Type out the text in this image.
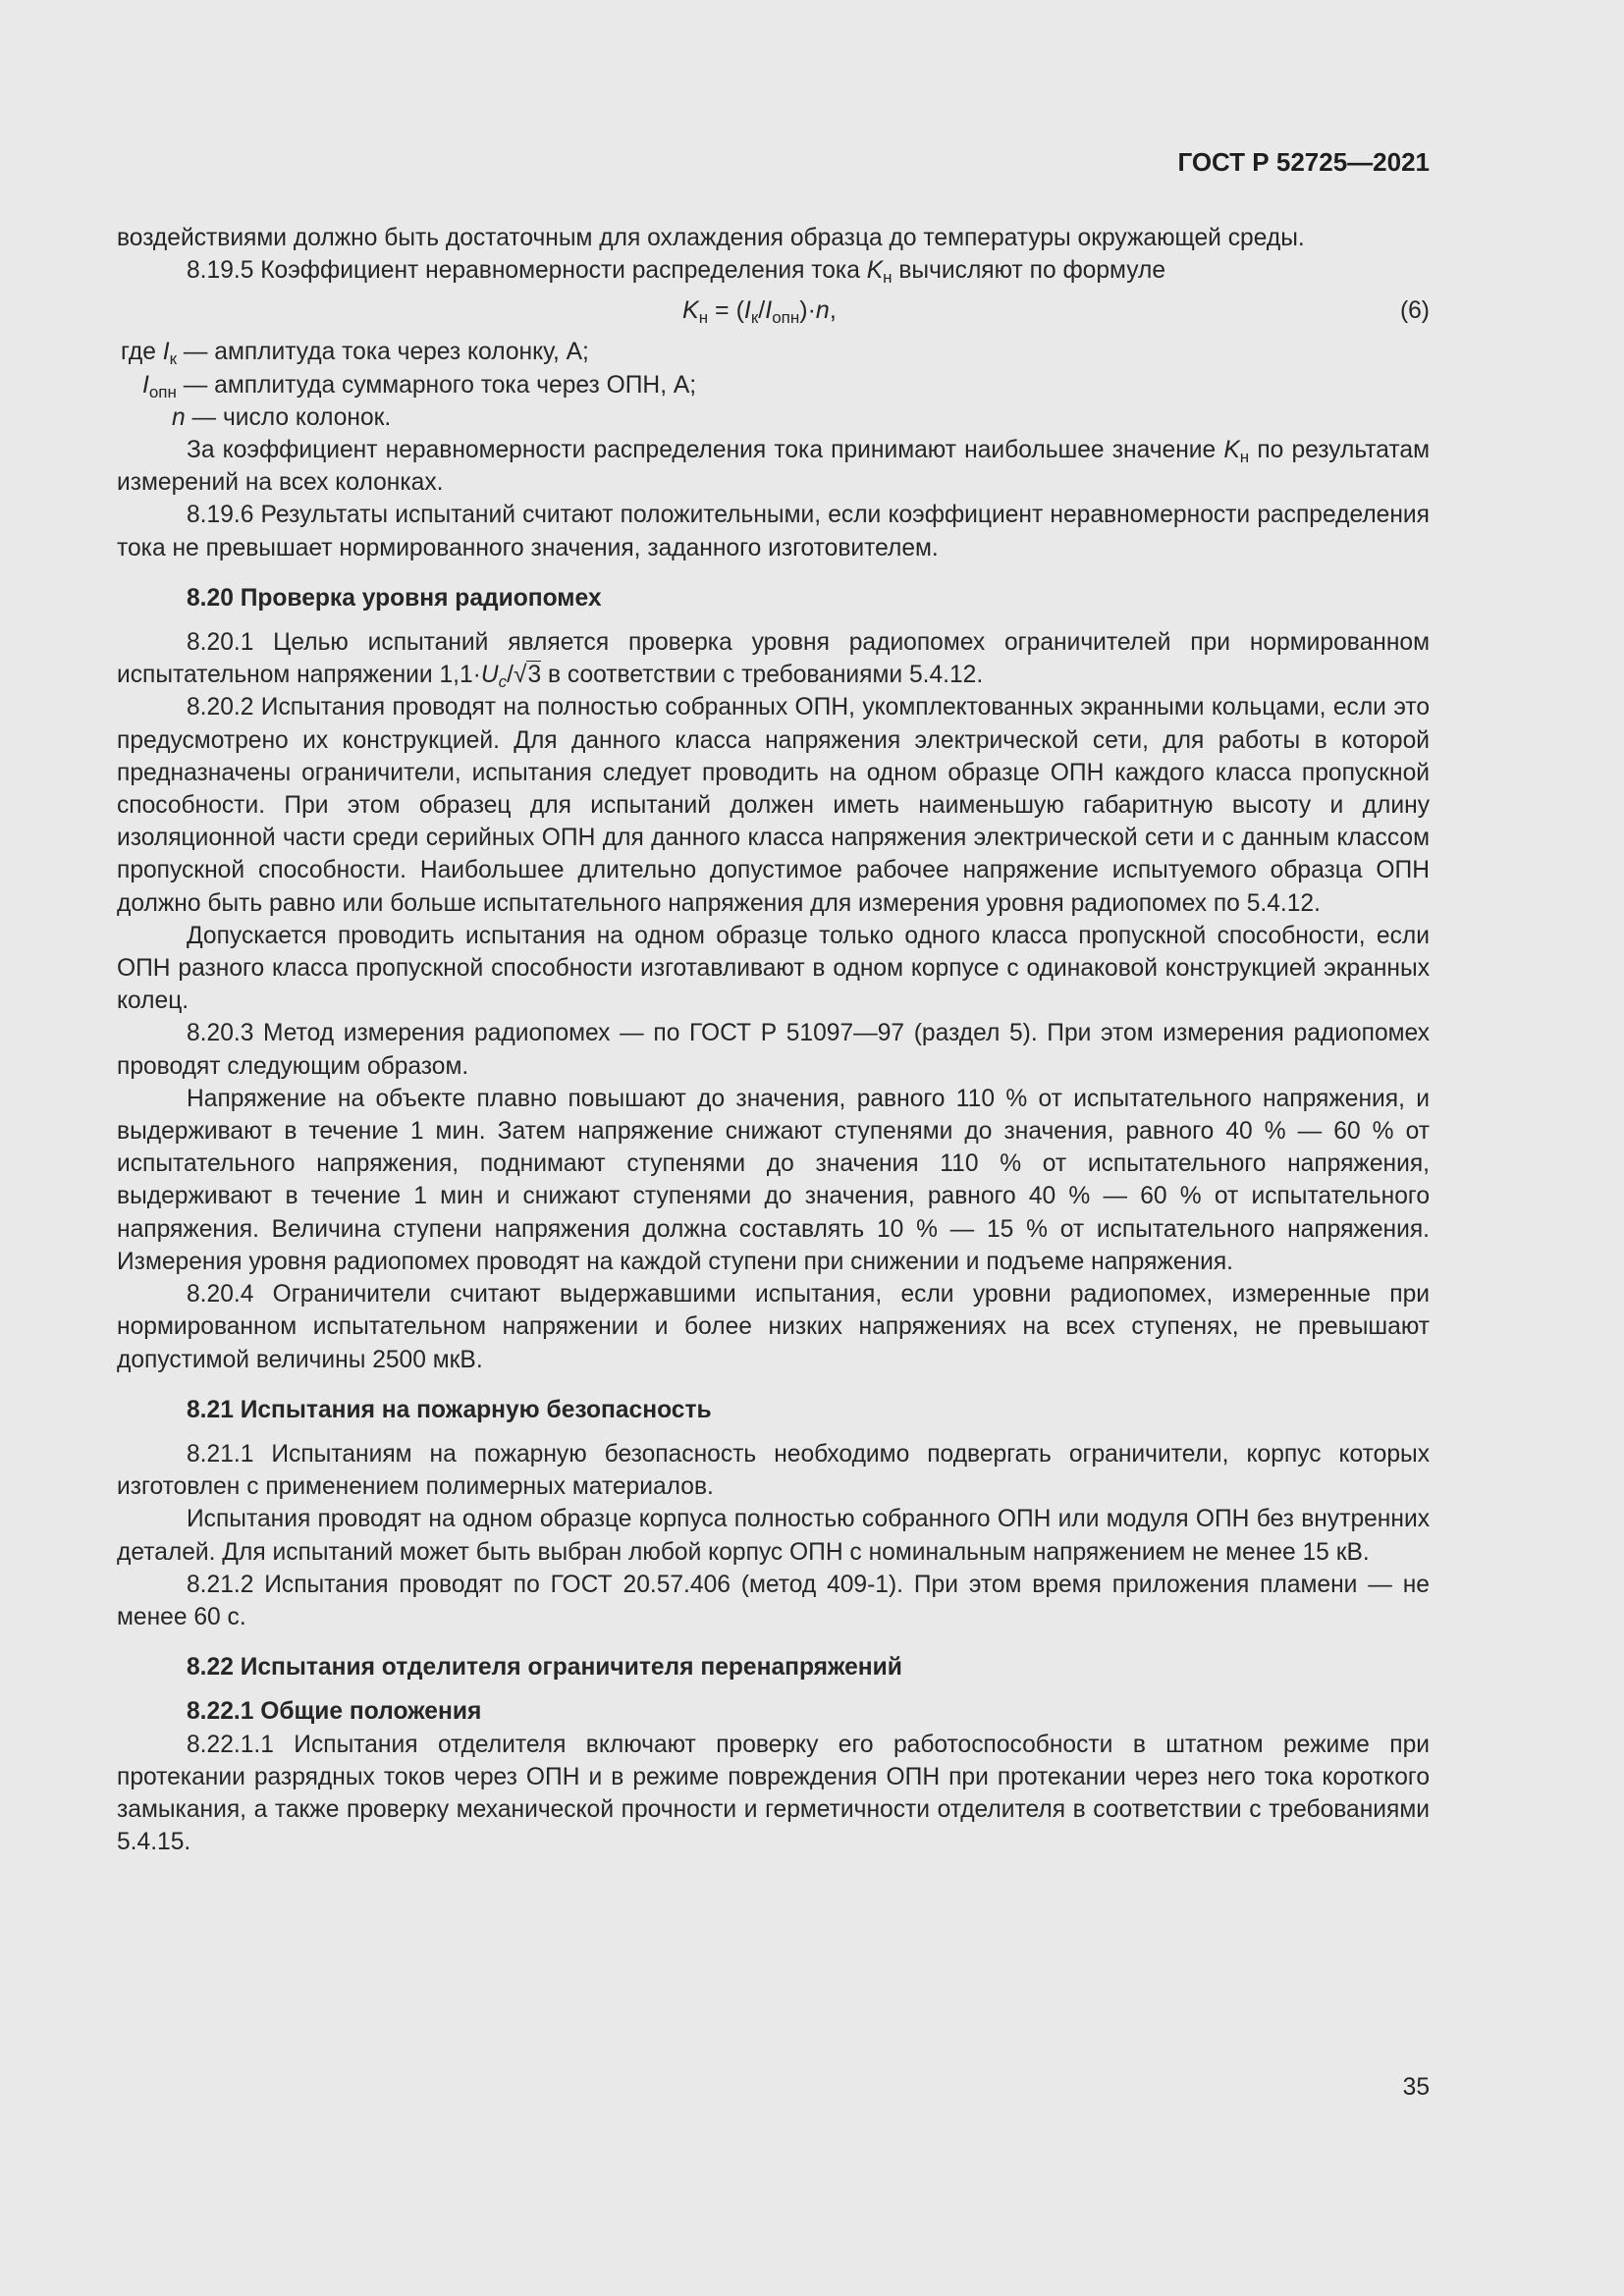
ГОСТ Р 52725—2021

воздействиями должно быть достаточным для охлаждения образца до температуры окружающей среды.

8.19.5 Коэффициент неравномерности распределения тока $K_н$ вычисляют по формуле

$K_н = (I_к/I_{опн})\cdot n$,	(6)
где $I_к$ — амплитуда тока через колонку, А;
$I_{опн}$ — амплитуда суммарного тока через ОПН, А;
n — число колонок.

За коэффициент неравномерности распределения тока принимают наибольшее значение $K_н$ по результатам измерений на всех колонках.

8.19.6 Результаты испытаний считают положительными, если коэффициент неравномерности распределения тока не превышает нормированного значения, заданного изготовителем.

8.20 Проверка уровня радиопомех

8.20.1 Целью испытаний является проверка уровня радиопомех ограничителей при нормированном испытательном напряжении $1,1\cdot U_c/√3$ в соответствии с требованиями 5.4.12.

8.20.2 Испытания проводят на полностью собранных ОПН, укомплектованных экранными кольцами, если это предусмотрено их конструкцией. Для данного класса напряжения электрической сети, для работы в которой предназначены ограничители, испытания следует проводить на одном образце ОПН каждого класса пропускной способности. При этом образец для испытаний должен иметь наименьшую габаритную высоту и длину изоляционной части среди серийных ОПН для данного класса напряжения электрической сети и с данным классом пропускной способности. Наибольшее длительно допустимое рабочее напряжение испытуемого образца ОПН должно быть равно или больше испытательного напряжения для измерения уровня радиопомех по 5.4.12.

Допускается проводить испытания на одном образце только одного класса пропускной способности, если ОПН разного класса пропускной способности изготавливают в одном корпусе с одинаковой конструкцией экранных колец.

8.20.3 Метод измерения радиопомех — по ГОСТ Р 51097—97 (раздел 5). При этом измерения радиопомех проводят следующим образом.

Напряжение на объекте плавно повышают до значения, равного 110 % от испытательного напряжения, и выдерживают в течение 1 мин. Затем напряжение снижают ступенями до значения, равного 40 % — 60 % от испытательного напряжения, поднимают ступенями до значения 110 % от испытательного напряжения, выдерживают в течение 1 мин и снижают ступенями до значения, равного 40 % — 60 % от испытательного напряжения. Величина ступени напряжения должна составлять 10 % — 15 % от испытательного напряжения. Измерения уровня радиопомех проводят на каждой ступени при снижении и подъеме напряжения.

8.20.4 Ограничители считают выдержавшими испытания, если уровни радиопомех, измеренные при нормированном испытательном напряжении и более низких напряжениях на всех ступенях, не превышают допустимой величины 2500 мкВ.

8.21 Испытания на пожарную безопасность

8.21.1 Испытаниям на пожарную безопасность необходимо подвергать ограничители, корпус которых изготовлен с применением полимерных материалов.

Испытания проводят на одном образце корпуса полностью собранного ОПН или модуля ОПН без внутренних деталей. Для испытаний может быть выбран любой корпус ОПН с номинальным напряжением не менее 15 кВ.

8.21.2 Испытания проводят по ГОСТ 20.57.406 (метод 409-1). При этом время приложения пламени — не менее 60 с.

8.22 Испытания отделителя ограничителя перенапряжений

8.22.1 Общие положения

8.22.1.1 Испытания отделителя включают проверку его работоспособности в штатном режиме при протекании разрядных токов через ОПН и в режиме повреждения ОПН при протекании через него тока короткого замыкания, а также проверку механической прочности и герметичности отделителя в соответствии с требованиями 5.4.15.

35
